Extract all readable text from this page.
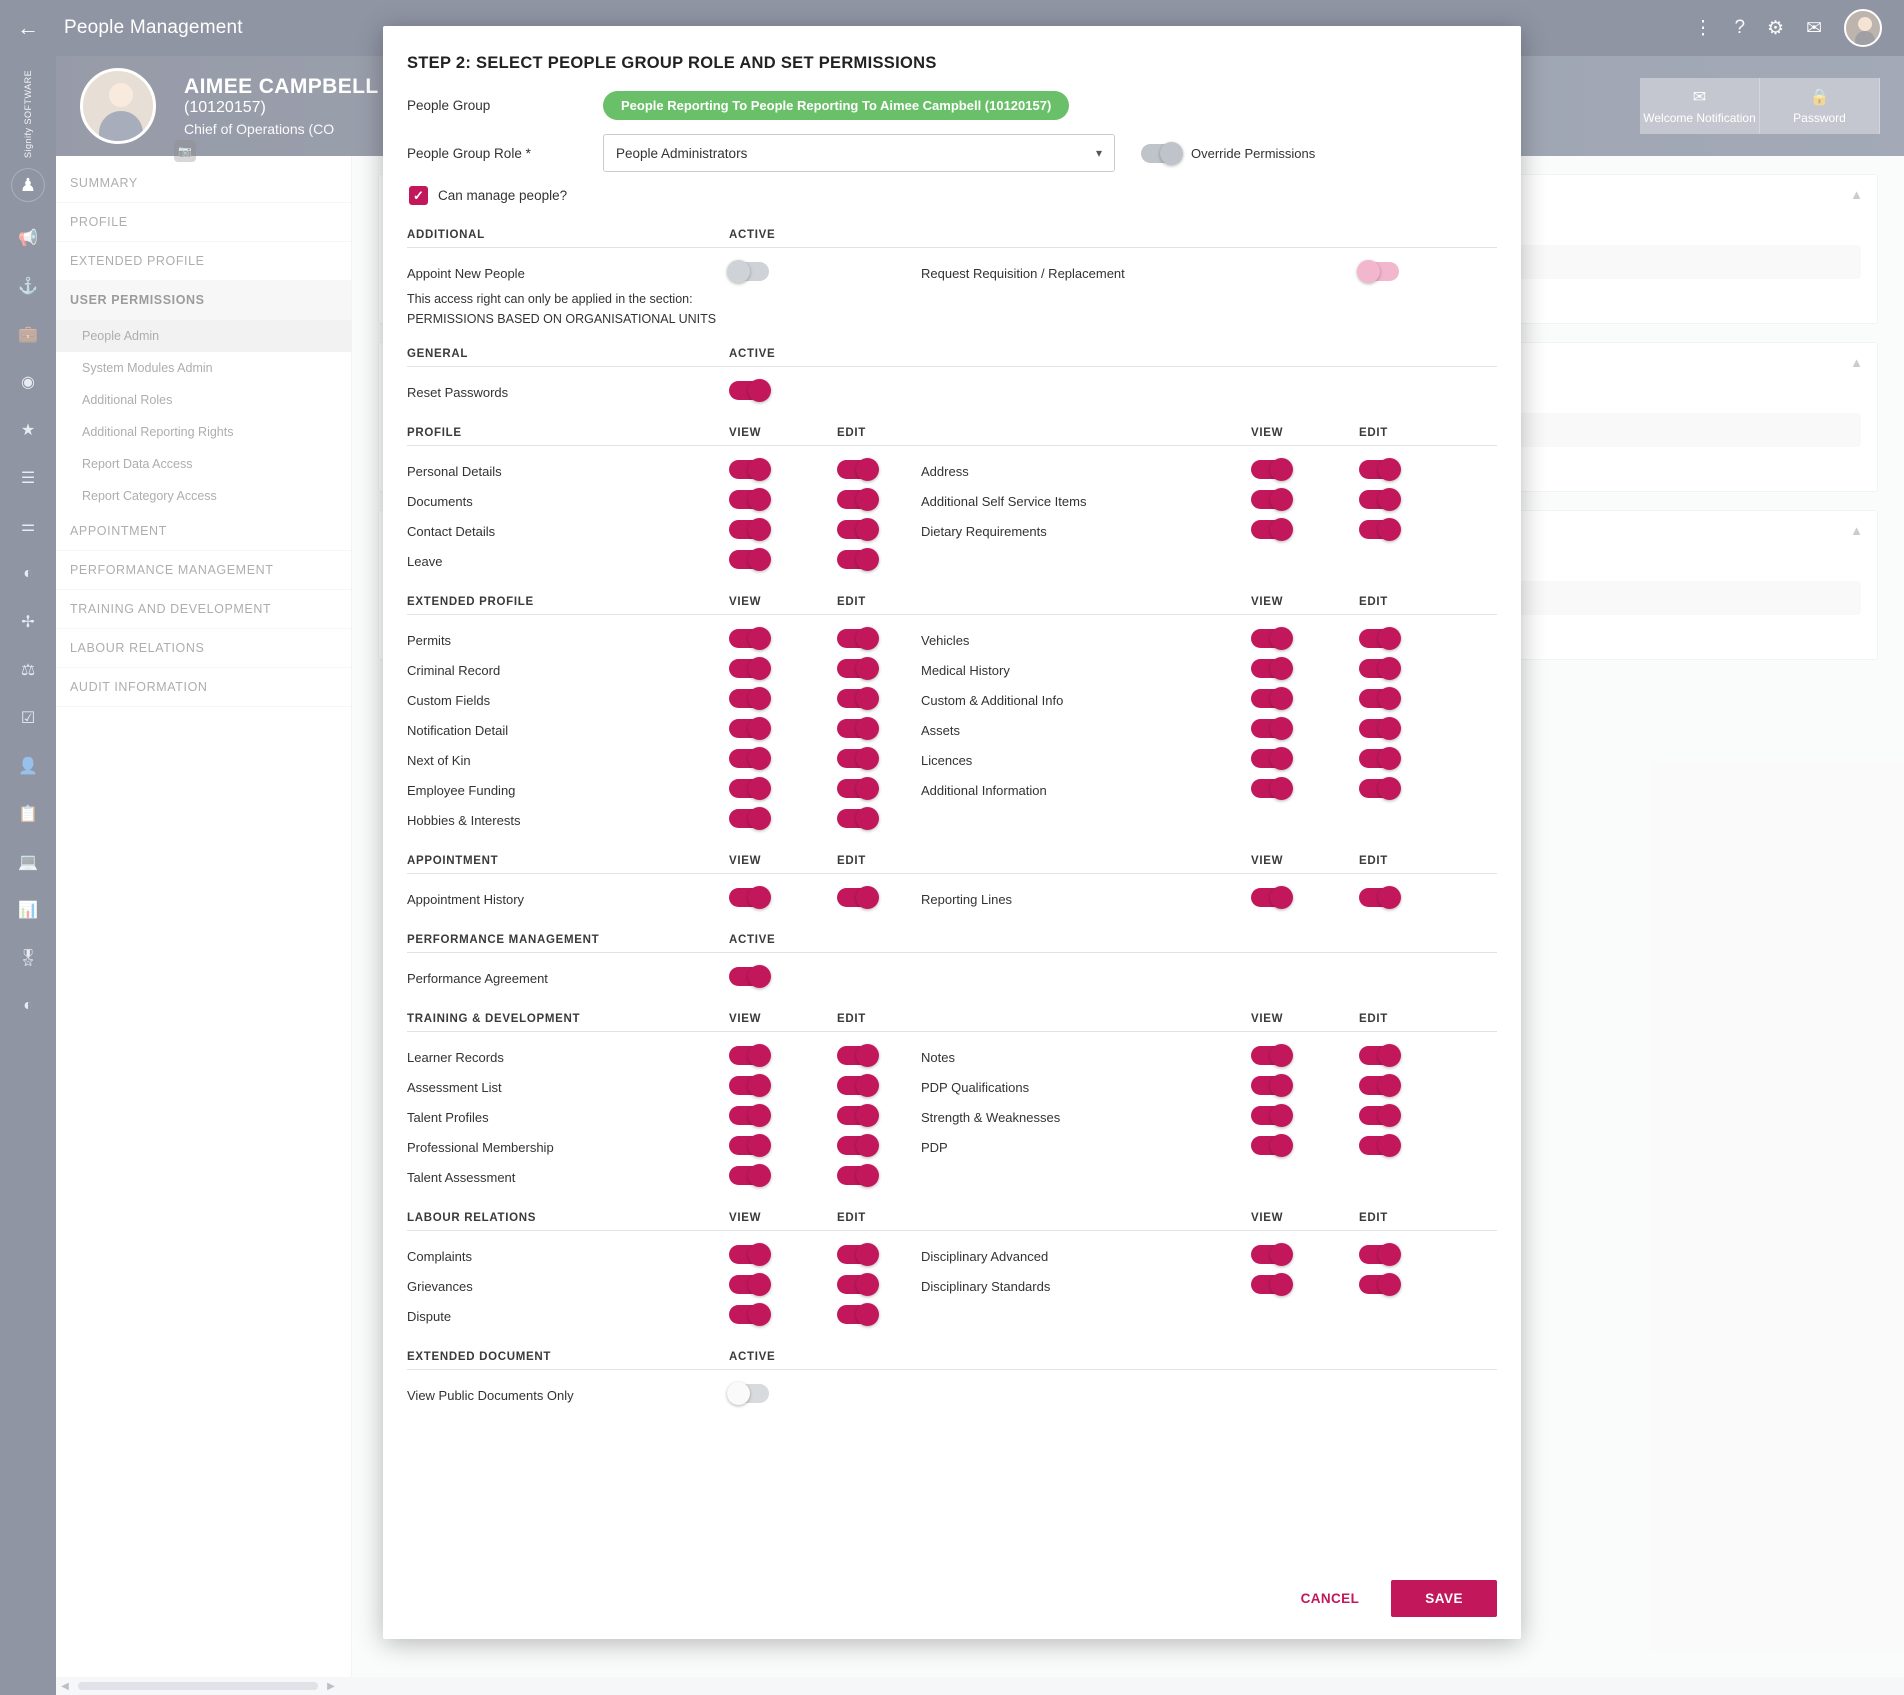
STEP 2: SELECT PEOPLE GROUP ROLE AND SET PERMISSIONS
People Group	People Reporting To People Reporting To Aimee Campbell (10120157)
People Group Role *	People Administrators	▾	Override Permissions
✓ Can manage people?
ADDITIONAL	ACTIVE
Appoint New People	Request Requisition / Replacement
This access right can only be applied in the section:
PERMISSIONS BASED ON ORGANISATIONAL UNITS
GENERAL	ACTIVE
Reset Passwords
PROFILE	VIEW	EDIT	VIEW	EDIT
Personal Details	Address
Documents	Additional Self Service Items
Contact Details	Dietary Requirements
Leave
EXTENDED PROFILE	VIEW	EDIT	VIEW	EDIT
Permits	Vehicles
Criminal Record	Medical History
Custom Fields	Custom & Additional Info
Notification Detail	Assets
Next of Kin	Licences
Employee Funding	Additional Information
Hobbies & Interests
APPOINTMENT	VIEW	EDIT	VIEW	EDIT
Appointment History	Reporting Lines
PERFORMANCE MANAGEMENT	ACTIVE
Performance Agreement
TRAINING & DEVELOPMENT	VIEW	EDIT	VIEW	EDIT
Learner Records	Notes
Assessment List	PDP Qualifications
Talent Profiles	Strength & Weaknesses
Professional Membership	PDP
Talent Assessment
LABOUR RELATIONS	VIEW	EDIT	VIEW	EDIT
Complaints	Disciplinary Advanced
Grievances	Disciplinary Standards
Dispute
EXTENDED DOCUMENT	ACTIVE
View Public Documents Only
CANCEL	SAVE
